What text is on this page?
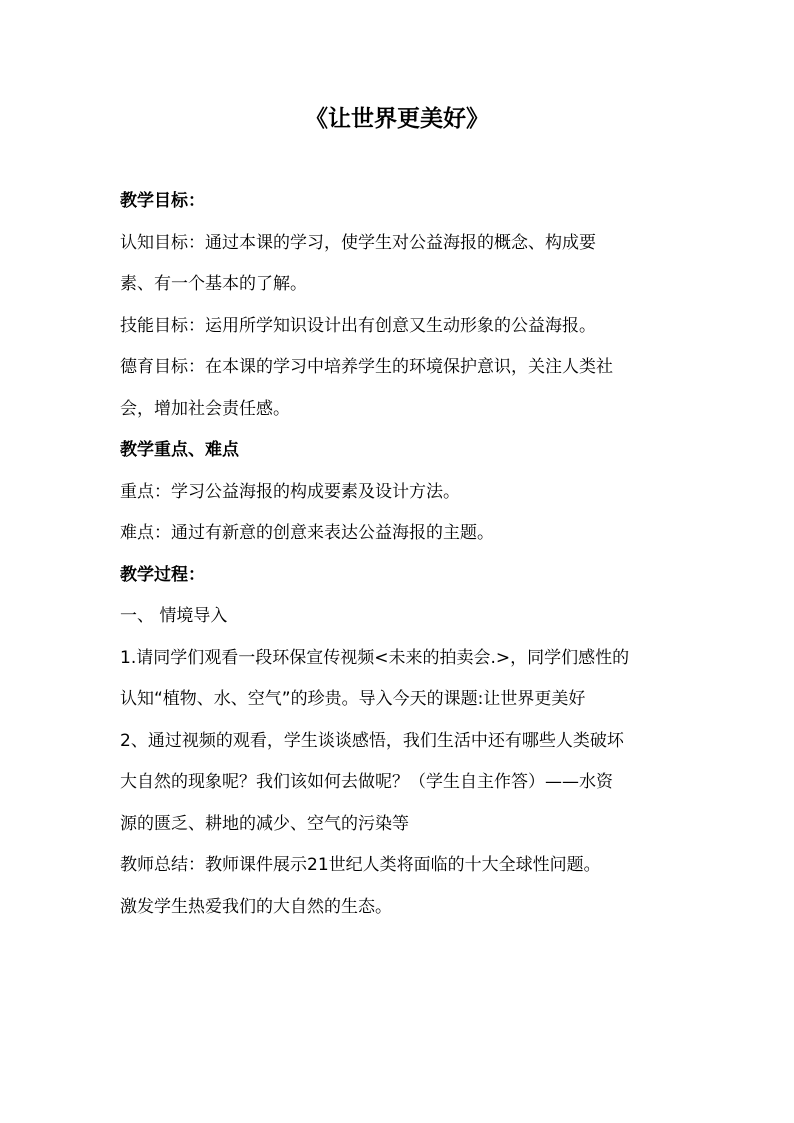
《让世界更美好》
教学目标：
认知目标：通过本课的学习，使学生对公益海报的概念、构成要
素、有一个基本的了解。
技能目标：运用所学知识设计出有创意又生动形象的公益海报。
德育目标：在本课的学习中培养学生的环境保护意识，关注人类社
会，增加社会责任感。
教学重点、难点
重点：学习公益海报的构成要素及设计方法。
难点：通过有新意的创意来表达公益海报的主题。
教学过程：
一、 情境导入
1.请同学们观看一段环保宣传视频<未来的拍卖会.>，同学们感性的
认知“植物、水、空气”的珍贵。导入今天的课题:让世界更美好
2、通过视频的观看，学生谈谈感悟，我们生活中还有哪些人类破坏
大自然的现象呢？我们该如何去做呢？（学生自主作答）——水资
源的匮乏、耕地的减少、空气的污染等
教师总结：教师课件展示21世纪人类将面临的十大全球性问题。
激发学生热爱我们的大自然的生态。
